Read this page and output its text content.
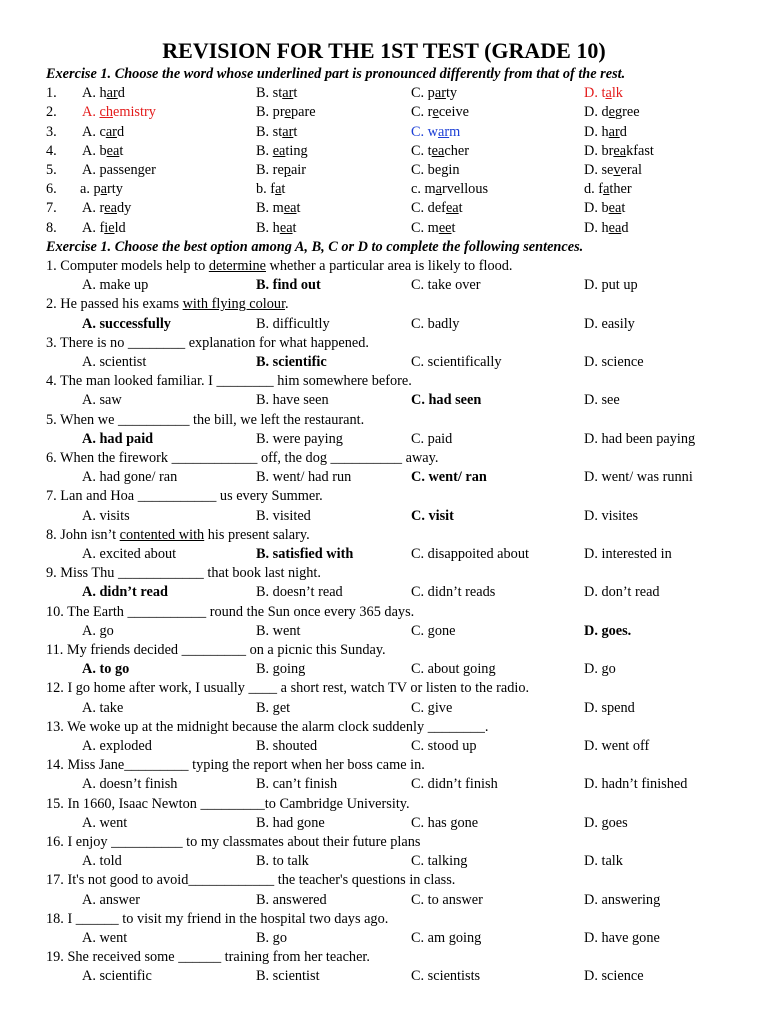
REVISION FOR THE 1ST TEST (GRADE 10)
Exercise 1. Choose the word whose underlined part is pronounced differently from that of the rest.
1. A. hard	B. start	C. party	D. talk
2. A. chemistry	B. prepare	C. receive	D. degree
3. A. card	B. start	C. warm	D. hard
4. A. beat	B. eating	C. teacher	D. breakfast
5. A. passenger	B. repair	C. begin	D. several
6. a. party	b. fat	c. marvellous	d. father
7. A. ready	B. meat	C. defeat	D. beat
8. A. field	B. heat	C. meet	D. head
Exercise 1. Choose the best option among A, B, C or D to complete the following sentences.
1. Computer models help to determine whether a particular area is likely to flood.
A. make up	B. find out	C. take over	D. put up
2. He passed his exams with flying colour.
A. successfully	B. difficultly	C. badly	D. easily
3. There is no ________ explanation for what happened.
A. scientist	B. scientific	C. scientifically	D. science
4. The man looked familiar. I ________ him somewhere before.
A. saw	B. have seen	C. had seen	D. see
5. When we __________ the bill, we left the restaurant.
A. had paid	B. were paying	C. paid	D. had been paying
6. When the firework ____________ off, the dog __________ away.
A. had gone/ ran	B. went/ had run	C. went/ ran	D. went/ was runni
7. Lan and Hoa ___________ us every Summer.
A. visits	B. visited	C. visit	D. visites
8. John isn’t contented with his present salary.
A. excited about	B. satisfied with	C. disappoited about	D. interested in
9. Miss Thu ____________ that book last night.
A. didn’t read	B. doesn’t read	C. didn’t reads	D. don’t read
10. The Earth ___________ round the Sun once every 365 days.
A. go	B. went	C. gone	D. goes.
11. My friends decided _________ on a picnic this Sunday.
A. to go	B. going	C. about going	D. go
12. I go home after work, I usually ____ a short rest, watch TV or listen to the radio.
A. take	B. get	C. give	D. spend
13. We woke up at the midnight because the alarm clock suddenly ________.
A. exploded	B. shouted	C. stood up	D. went off
14. Miss Jane_________ typing the report when her boss came in.
A. doesn’t finish	B. can’t finish	C. didn’t finish	D. hadn’t finished
15. In 1660, Isaac Newton _________to Cambridge University.
A. went	B. had gone	C. has gone	D. goes
16. I enjoy __________ to my classmates about their future plans
A. told	B. to talk	C. talking	D. talk
17. It's not good to avoid____________ the teacher's questions in class.
A. answer	B. answered	C. to answer	D. answering
18. I ______ to visit my friend in the hospital two days ago.
A. went	B. go	C. am going	D. have gone
19. She received some ______ training from her teacher.
A. scientific	B. scientist	C. scientists	D. science
